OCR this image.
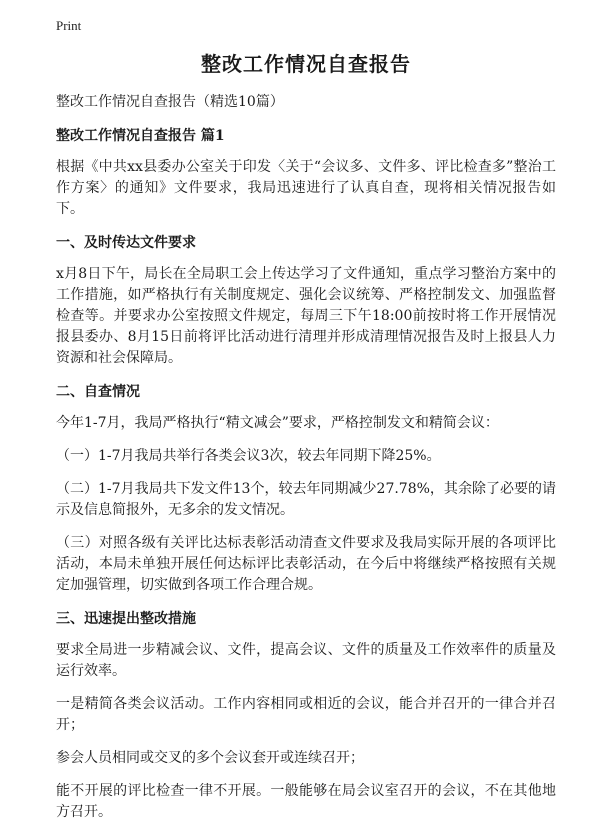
Print
整改工作情况自查报告
整改工作情况自查报告（精选10篇）
整改工作情况自查报告 篇1
根据《中共xx县委办公室关于印发〈关于“会议多、文件多、评比检查多”整治工作方案〉的通知》文件要求，我局迅速进行了认真自查，现将相关情况报告如下。
一、及时传达文件要求
x月8日下午，局长在全局职工会上传达学习了文件通知，重点学习整治方案中的工作措施，如严格执行有关制度规定、强化会议统筹、严格控制发文、加强监督检查等。并要求办公室按照文件规定，每周三下午18:00前按时将工作开展情况报县委办、8月15日前将评比活动进行清理并形成清理情况报告及时上报县人力资源和社会保障局。
二、自查情况
今年1-7月，我局严格执行“精文减会”要求，严格控制发文和精简会议：
（一）1-7月我局共举行各类会议3次，较去年同期下降25%。
（二）1-7月我局共下发文件13个，较去年同期减少27.78%，其余除了必要的请示及信息简报外，无多余的发文情况。
（三）对照各级有关评比达标表彰活动清查文件要求及我局实际开展的各项评比活动，本局未单独开展任何达标评比表彰活动，在今后中将继续严格按照有关规定加强管理，切实做到各项工作合理合规。
三、迅速提出整改措施
要求全局进一步精减会议、文件，提高会议、文件的质量及工作效率件的质量及运行效率。
一是精简各类会议活动。工作内容相同或相近的会议，能合并召开的一律合并召开；
参会人员相同或交叉的多个会议套开或连续召开；
能不开展的评比检查一律不开展。一般能够在局会议室召开的会议，不在其他地方召开。
